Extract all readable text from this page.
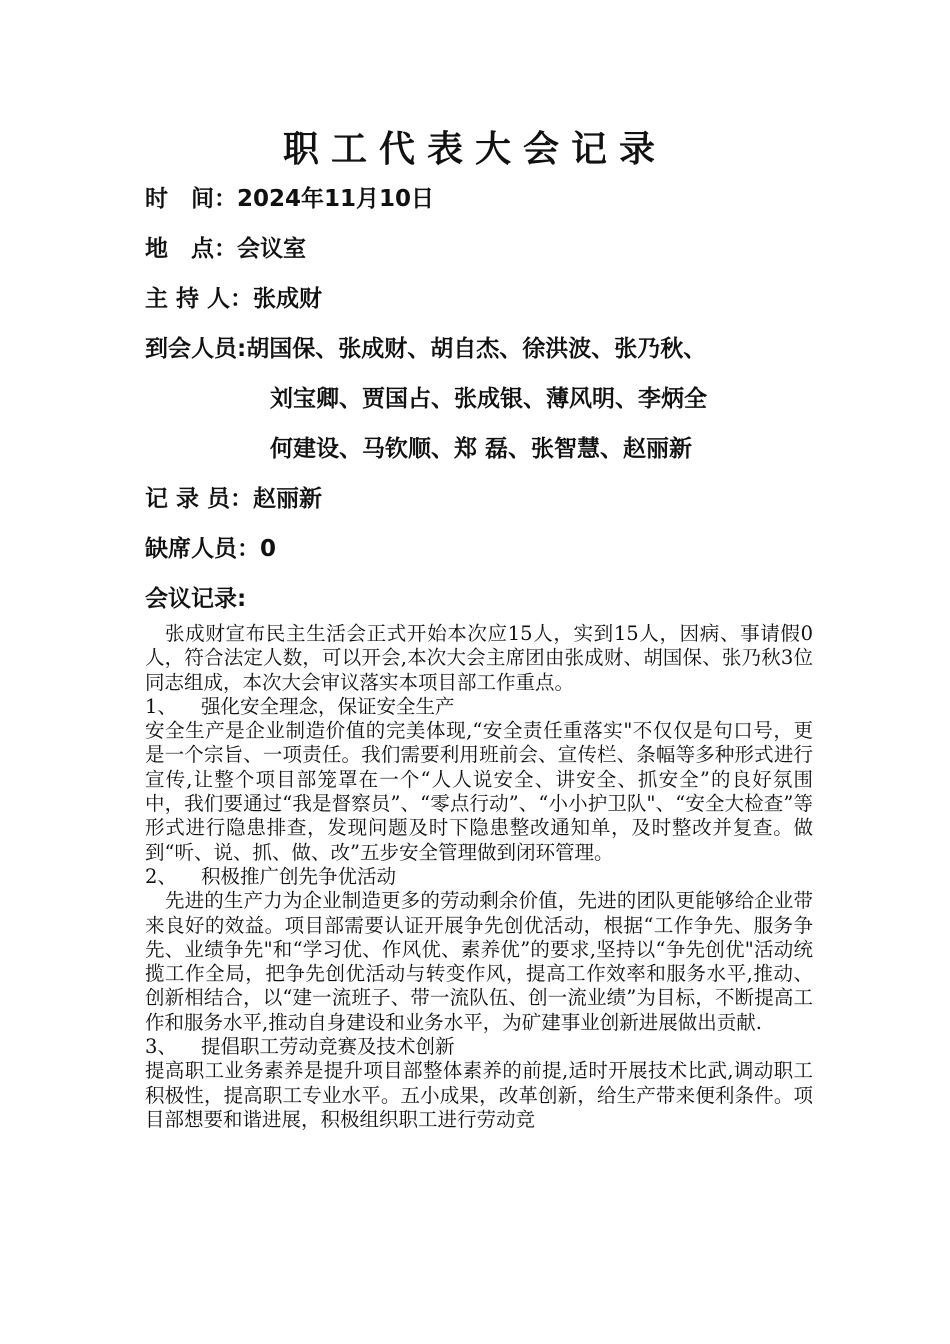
职工代表大会记录
时　间：2024年11月10日
地　点：会议室
主 持 人：张成财
到会人员:胡国保、张成财、胡自杰、徐洪波、张乃秋、
刘宝卿、贾国占、张成银、薄风明、李炳全
何建设、马钦顺、郑 磊、张智慧、赵丽新
记 录 员：赵丽新
缺席人员：0
会议记录:

张成财宣布民主生活会正式开始本次应15人，实到15人，因病、事请假0人，符合法定人数，可以开会,本次大会主席团由张成财、胡国保、张乃秋3位同志组成，本次大会审议落实本项目部工作重点。

1、 强化安全理念，保证安全生产

安全生产是企业制造价值的完美体现,“安全责任重落实"不仅仅是句口号，更是一个宗旨、一项责任。我们需要利用班前会、宣传栏、条幅等多种形式进行宣传,让整个项目部笼罩在一个“人人说安全、讲安全、抓安全”的良好氛围中，我们要通过“我是督察员”、“零点行动”、“小小护卫队"、“安全大检查”等形式进行隐患排查，发现问题及时下隐患整改通知单，及时整改并复查。做到“听、说、抓、做、改”五步安全管理做到闭环管理。

2、 积极推广创先争优活动

先进的生产力为企业制造更多的劳动剩余价值，先进的团队更能够给企业带来良好的效益。项目部需要认证开展争先创优活动，根据“工作争先、服务争先、业绩争先"和“学习优、作风优、素养优”的要求,坚持以“争先创优"活动统揽工作全局，把争先创优活动与转变作风，提高工作效率和服务水平,推动、创新相结合，以“建一流班子、带一流队伍、创一流业绩”为目标，不断提高工作和服务水平,推动自身建设和业务水平，为矿建事业创新进展做出贡献.

3、 提倡职工劳动竞赛及技术创新

提高职工业务素养是提升项目部整体素养的前提,适时开展技术比武,调动职工积极性，提高职工专业水平。五小成果，改革创新，给生产带来便利条件。项目部想要和谐进展，积极组织职工进行劳动竞
